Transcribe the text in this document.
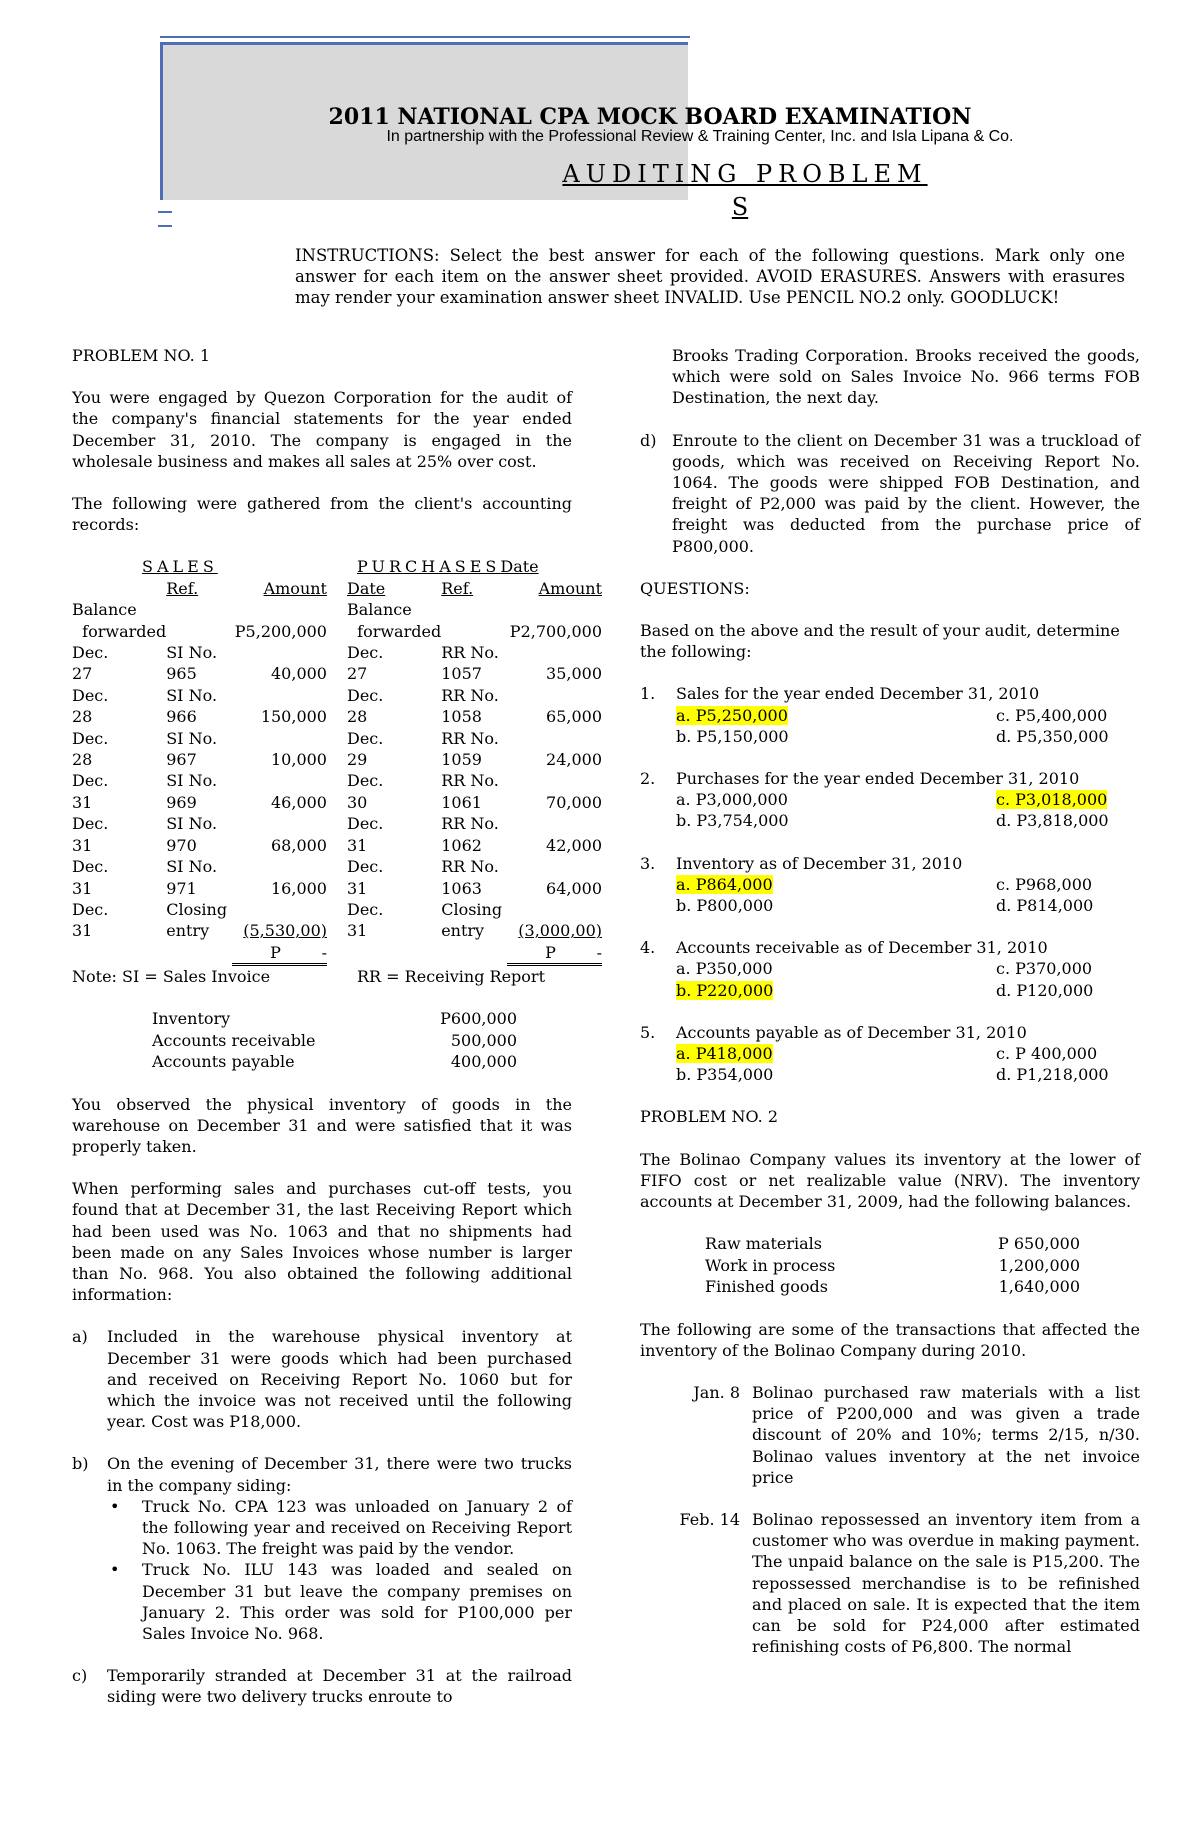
2011 NATIONAL CPA MOCK BOARD EXAMINATION
In partnership with the Professional Review & Training Center, Inc. and Isla Lipana & Co.
AUDITING PROBLEM
S
INSTRUCTIONS: Select the best answer for each of the following questions. Mark only one answer for each item on the answer sheet provided. AVOID ERASURES. Answers with erasures may render your examination answer sheet INVALID. Use PENCIL NO.2 only. GOODLUCK!

PROBLEM NO. 1

You were engaged by Quezon Corporation for the audit of the company's financial statements for the year ended December 31, 2010. The company is engaged in the wholesale business and makes all sales at 25% over cost.

The following were gathered from the client's accounting records:

SALES			PURCHASESDate		
	Ref.	Amount	Date	Ref.	Amount
Balance			Balance		
forwarded		P5,200,000	forwarded		P2,700,000
Dec.	SI No.		Dec.	RR No.	
27	965	40,000	27	1057	35,000
Dec.	SI No.		Dec.	RR No.	
28	966	150,000	28	1058	65,000
Dec.	SI No.		Dec.	RR No.	
28	967	10,000	29	1059	24,000
Dec.	SI No.		Dec.	RR No.	
31	969	46,000	30	1061	70,000
Dec.	SI No.		Dec.	RR No.	
31	970	68,000	31	1062	42,000
Dec.	SI No.		Dec.	RR No.	
31	971	16,000	31	1063	64,000
Dec.	Closing		Dec.	Closing	
31	entry	(5,530,00)	31	entry	(3,000,00)
		P        -			P        -
Note: SI = Sales Invoice	RR = Receiving Report

Inventory	P600,000
Accounts receivable	500,000
Accounts payable	400,000

You observed the physical inventory of goods in the warehouse on December 31 and were satisfied that it was properly taken.

When performing sales and purchases cut-off tests, you found that at December 31, the last Receiving Report which had been used was No. 1063 and that no shipments had been made on any Sales Invoices whose number is larger than No. 968. You also obtained the following additional information:

a)	Included in the warehouse physical inventory at December 31 were goods which had been purchased and received on Receiving Report No. 1060 but for which the invoice was not received until the following year. Cost was P18,000.

b)	On the evening of December 31, there were two trucks in the company siding:

• Truck No. CPA 123 was unloaded on January 2 of the following year and received on Receiving Report No. 1063. The freight was paid by the vendor.
• Truck No. ILU 143 was loaded and sealed on December 31 but leave the company premises on January 2. This order was sold for P100,000 per Sales Invoice No. 968.

c)	Temporarily stranded at December 31 at the railroad siding were two delivery trucks enroute to

Brooks Trading Corporation. Brooks received the goods, which were sold on Sales Invoice No. 966 terms FOB Destination, the next day.

d) Enroute to the client on December 31 was a truckload of goods, which was received on Receiving Report No. 1064. The goods were shipped FOB Destination, and freight of P2,000 was paid by the client. However, the freight was deducted from the purchase price of P800,000.

QUESTIONS:

Based on the above and the result of your audit, determine the following:

1.	Sales for the year ended December 31, 2010
a. P5,250,000	c. P5,400,000
b. P5,150,000	d. P5,350,000
2.	Purchases for the year ended December 31, 2010
a. P3,000,000	c. P3,018,000
b. P3,754,000	d. P3,818,000
3.	Inventory as of December 31, 2010
a. P864,000	c. P968,000
b. P800,000	d. P814,000
4.	Accounts receivable as of December 31, 2010
a. P350,000	c. P370,000
b. P220,000	d. P120,000
5.	Accounts payable as of December 31, 2010
a. P418,000	c. P 400,000
b. P354,000	d. P1,218,000

PROBLEM NO. 2

The Bolinao Company values its inventory at the lower of FIFO cost or net realizable value (NRV). The inventory accounts at December 31, 2009, had the following balances.

Raw materials	P 650,000
Work in process	1,200,000
Finished goods	1,640,000

The following are some of the transactions that affected the inventory of the Bolinao Company during 2010.

Jan. 8 Bolinao purchased raw materials with a list price of P200,000 and was given a trade discount of 20% and 10%; terms 2/15, n/30. Bolinao values inventory at the net invoice price

Feb. 14 Bolinao repossessed an inventory item from a customer who was overdue in making payment. The unpaid balance on the sale is P15,200. The repossessed merchandise is to be refinished and placed on sale. It is expected that the item can be sold for P24,000 after estimated refinishing costs of P6,800. The normal
